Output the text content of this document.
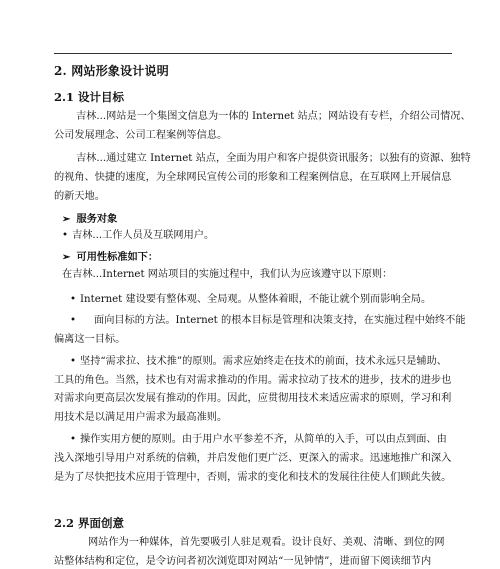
2. 网站形象设计说明
2.1 设计目标
吉林...网站是一个集图文信息为一体的 Internet 站点；网站设有专栏，介绍公司情况、
公司发展理念、公司工程案例等信息。
吉林...通过建立 Internet 站点，全面为用户和客户提供资讯服务；以独有的资源、独特
的视角、快捷的速度，为全球网民宣传公司的形象和工程案例信息，在互联网上开展信息
的新天地。
➢ 服务对象
• 吉林...工作人员及互联网用户。
➢ 可用性标准如下：
在吉林...Internet 网站项目的实施过程中，我们认为应该遵守以下原则：
• Internet 建设要有整体观、全局观。从整体着眼，不能让就个别而影响全局。
• 面向目标的方法。Internet 的根本目标是管理和决策支持，在实施过程中始终不能
偏离这一目标。
• 坚持“需求拉、技术推”的原则。需求应始终走在技术的前面，技术永远只是辅助、
工具的角色。当然，技术也有对需求推动的作用。需求拉动了技术的进步，技术的进步也
对需求向更高层次发展有推动的作用。因此，应贯彻用技术来适应需求的原则，学习和利
用技术是以满足用户需求为最高准则。
• 操作实用方便的原则。由于用户水平参差不齐，从简单的入手，可以由点到面、由
浅入深地引导用户对系统的信赖，并启发他们更广泛、更深入的需求。迅速地推广和深入
是为了尽快把技术应用于管理中，否则，需求的变化和技术的发展往往使人们顾此失彼。
2.2 界面创意
网站作为一种媒体，首先要吸引人驻足观看。设计良好、美观、清晰、到位的网
站整体结构和定位，是令访问者初次浏览即对网站“一见钟情”，进而留下阅读细节内
